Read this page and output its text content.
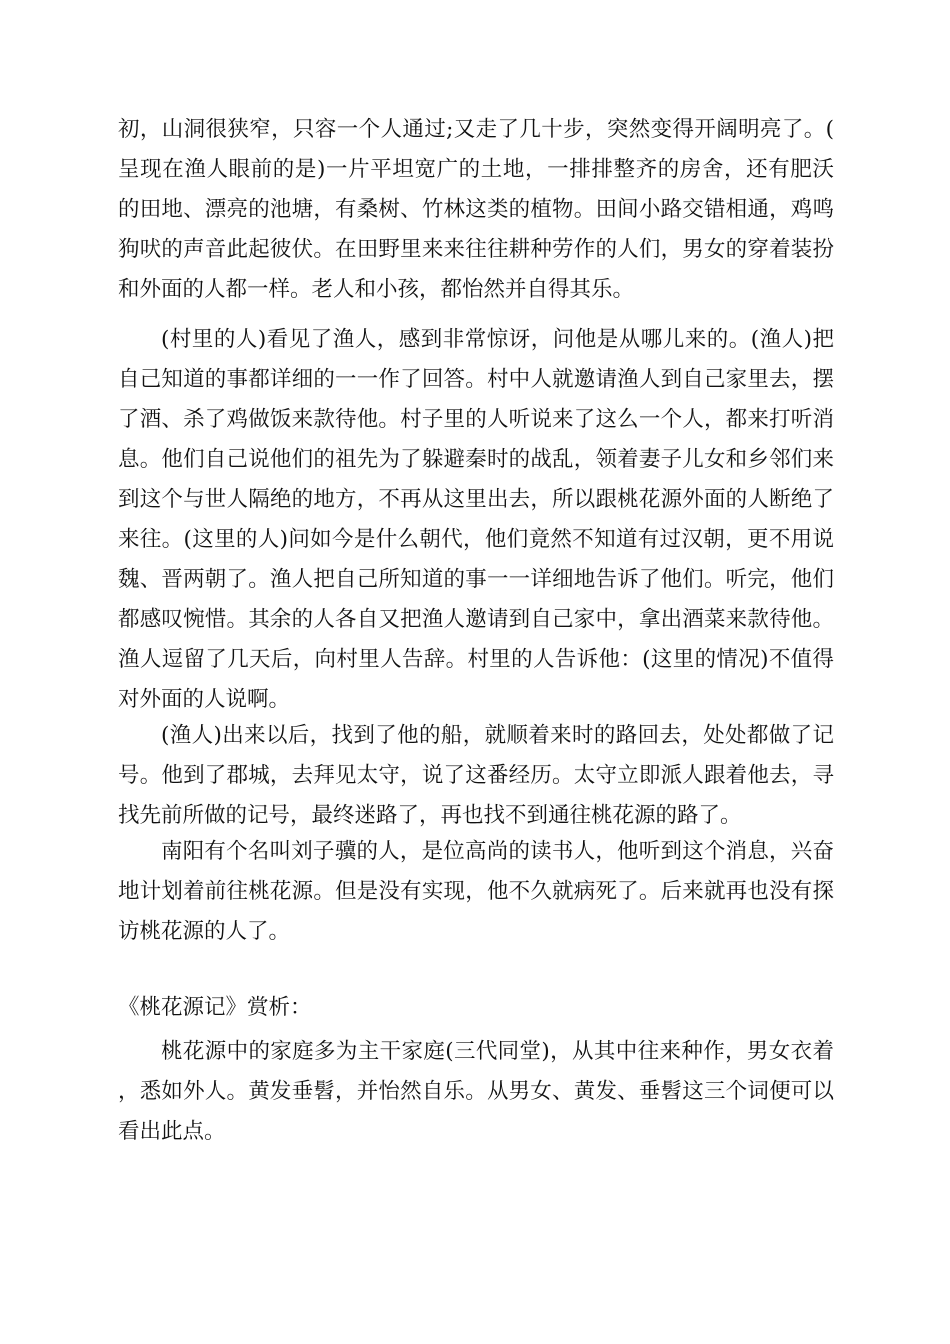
初，山洞很狭窄，只容一个人通过;又走了几十步，突然变得开阔明亮了。(呈现在渔人眼前的是)一片平坦宽广的土地，一排排整齐的房舍，还有肥沃的田地、漂亮的池塘，有桑树、竹林这类的植物。田间小路交错相通，鸡鸣狗吠的声音此起彼伏。在田野里来来往往耕种劳作的人们，男女的穿着装扮和外面的人都一样。老人和小孩，都怡然并自得其乐。

(村里的人)看见了渔人，感到非常惊讶，问他是从哪儿来的。(渔人)把自己知道的事都详细的一一作了回答。村中人就邀请渔人到自己家里去，摆了酒、杀了鸡做饭来款待他。村子里的人听说来了这么一个人，都来打听消息。他们自己说他们的祖先为了躲避秦时的战乱，领着妻子儿女和乡邻们来到这个与世人隔绝的地方，不再从这里出去，所以跟桃花源外面的人断绝了来往。(这里的人)问如今是什么朝代，他们竟然不知道有过汉朝，更不用说魏、晋两朝了。渔人把自己所知道的事一一详细地告诉了他们。听完，他们都感叹惋惜。其余的人各自又把渔人邀请到自己家中，拿出酒菜来款待他。渔人逗留了几天后，向村里人告辞。村里的人告诉他：(这里的情况)不值得对外面的人说啊。

(渔人)出来以后，找到了他的船，就顺着来时的路回去，处处都做了记号。他到了郡城，去拜见太守，说了这番经历。太守立即派人跟着他去，寻找先前所做的记号，最终迷路了，再也找不到通往桃花源的路了。

南阳有个名叫刘子骥的人，是位高尚的读书人，他听到这个消息，兴奋地计划着前往桃花源。但是没有实现，他不久就病死了。后来就再也没有探访桃花源的人了。

《桃花源记》赏析：

桃花源中的家庭多为主干家庭(三代同堂)，从其中往来种作，男女衣着，悉如外人。黄发垂髫，并怡然自乐。从男女、黄发、垂髫这三个词便可以看出此点。
